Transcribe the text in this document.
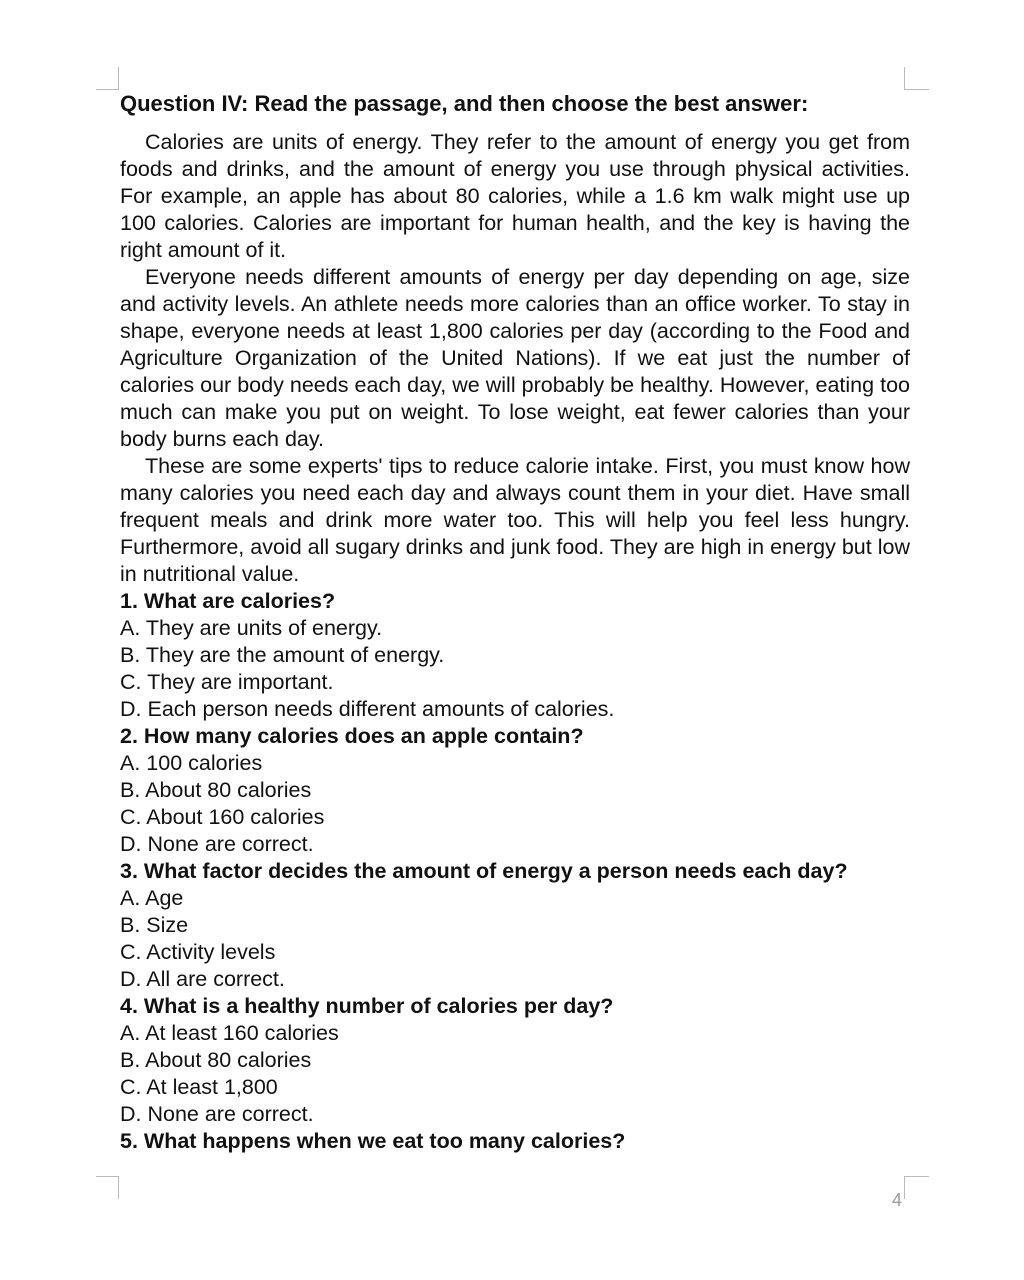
Question IV: Read the passage, and then choose the best answer:

Calories are units of energy. They refer to the amount of energy you get from foods and drinks, and the amount of energy you use through physical activities. For example, an apple has about 80 calories, while a 1.6 km walk might use up 100 calories. Calories are important for human health, and the key is having the right amount of it.

Everyone needs different amounts of energy per day depending on age, size and activity levels. An athlete needs more calories than an office worker. To stay in shape, everyone needs at least 1,800 calories per day (according to the Food and Agriculture Organization of the United Nations). If we eat just the number of calories our body needs each day, we will probably be healthy. However, eating too much can make you put on weight. To lose weight, eat fewer calories than your body burns each day.

These are some experts' tips to reduce calorie intake. First, you must know how many calories you need each day and always count them in your diet. Have small frequent meals and drink more water too. This will help you feel less hungry. Furthermore, avoid all sugary drinks and junk food. They are high in energy but low in nutritional value.

1. What are calories?

A. They are units of energy.

B. They are the amount of energy.

C. They are important.

D. Each person needs different amounts of calories.

2. How many calories does an apple contain?

A. 100 calories

B. About 80 calories

C. About 160 calories

D. None are correct.

3. What factor decides the amount of energy a person needs each day?

A. Age

B. Size

C. Activity levels

D. All are correct.

4. What is a healthy number of calories per day?

A. At least 160 calories

B. About 80 calories

C. At least 1,800

D. None are correct.

5. What happens when we eat too many calories?

4
